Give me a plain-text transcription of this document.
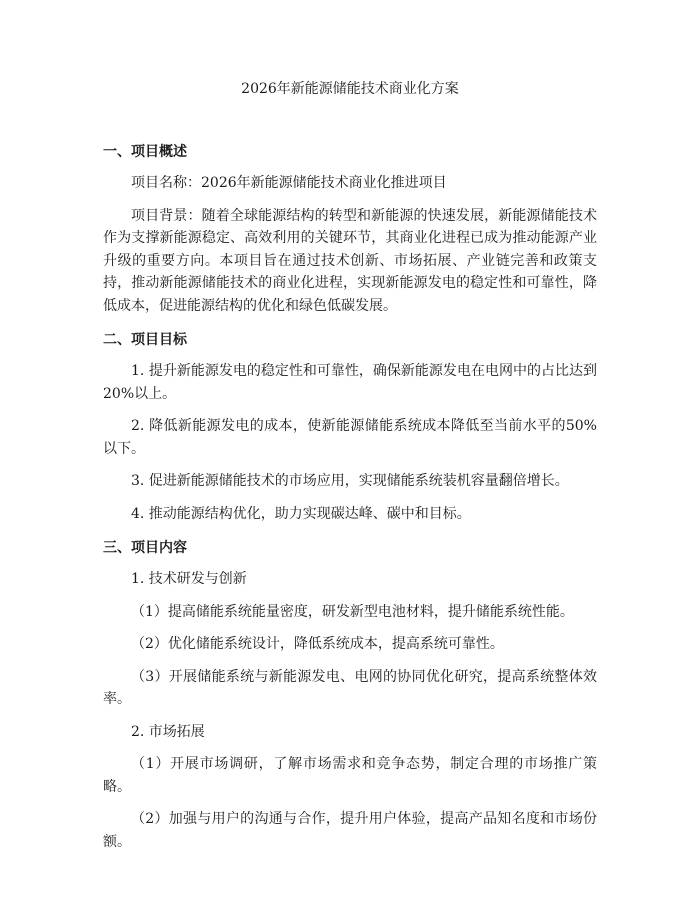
2026年新能源储能技术商业化方案
一、项目概述

项目名称：2026年新能源储能技术商业化推进项目

项目背景：随着全球能源结构的转型和新能源的快速发展，新能源储能技术作为支撑新能源稳定、高效利用的关键环节，其商业化进程已成为推动能源产业升级的重要方向。本项目旨在通过技术创新、市场拓展、产业链完善和政策支持，推动新能源储能技术的商业化进程，实现新能源发电的稳定性和可靠性，降低成本，促进能源结构的优化和绿色低碳发展。

二、项目目标

1. 提升新能源发电的稳定性和可靠性，确保新能源发电在电网中的占比达到20%以上。

2. 降低新能源发电的成本，使新能源储能系统成本降低至当前水平的50%以下。

3. 促进新能源储能技术的市场应用，实现储能系统装机容量翻倍增长。

4. 推动能源结构优化，助力实现碳达峰、碳中和目标。

三、项目内容

1. 技术研发与创新

（1）提高储能系统能量密度，研发新型电池材料，提升储能系统性能。

（2）优化储能系统设计，降低系统成本，提高系统可靠性。

（3）开展储能系统与新能源发电、电网的协同优化研究，提高系统整体效率。

2. 市场拓展

（1）开展市场调研，了解市场需求和竞争态势，制定合理的市场推广策略。

（2）加强与用户的沟通与合作，提升用户体验，提高产品知名度和市场份额。
